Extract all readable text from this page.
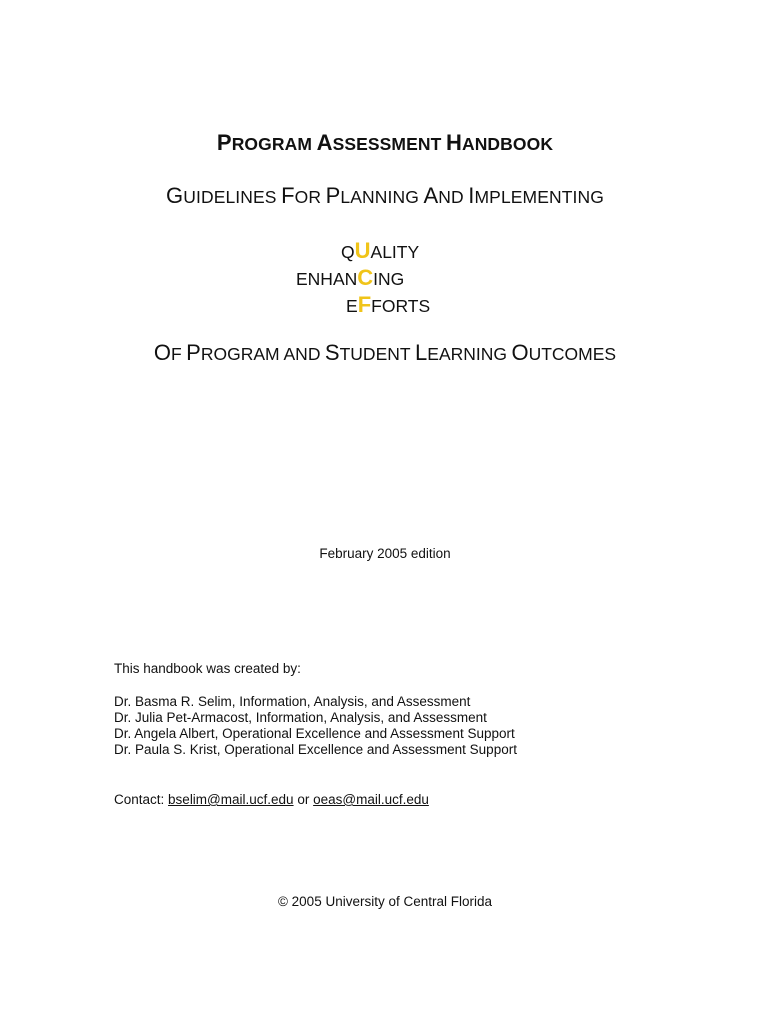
PROGRAM ASSESSMENT HANDBOOK
GUIDELINES FOR PLANNING AND IMPLEMENTING
QUALITY
ENHANCING
EFFORTS
OF PROGRAM AND STUDENT LEARNING OUTCOMES
February 2005 edition
This handbook was created by:
Dr. Basma R. Selim, Information, Analysis, and Assessment
Dr. Julia Pet-Armacost, Information, Analysis, and Assessment
Dr. Angela Albert, Operational Excellence and Assessment Support
Dr. Paula S. Krist, Operational Excellence and Assessment Support
Contact: bselim@mail.ucf.edu or oeas@mail.ucf.edu
© 2005 University of Central Florida
